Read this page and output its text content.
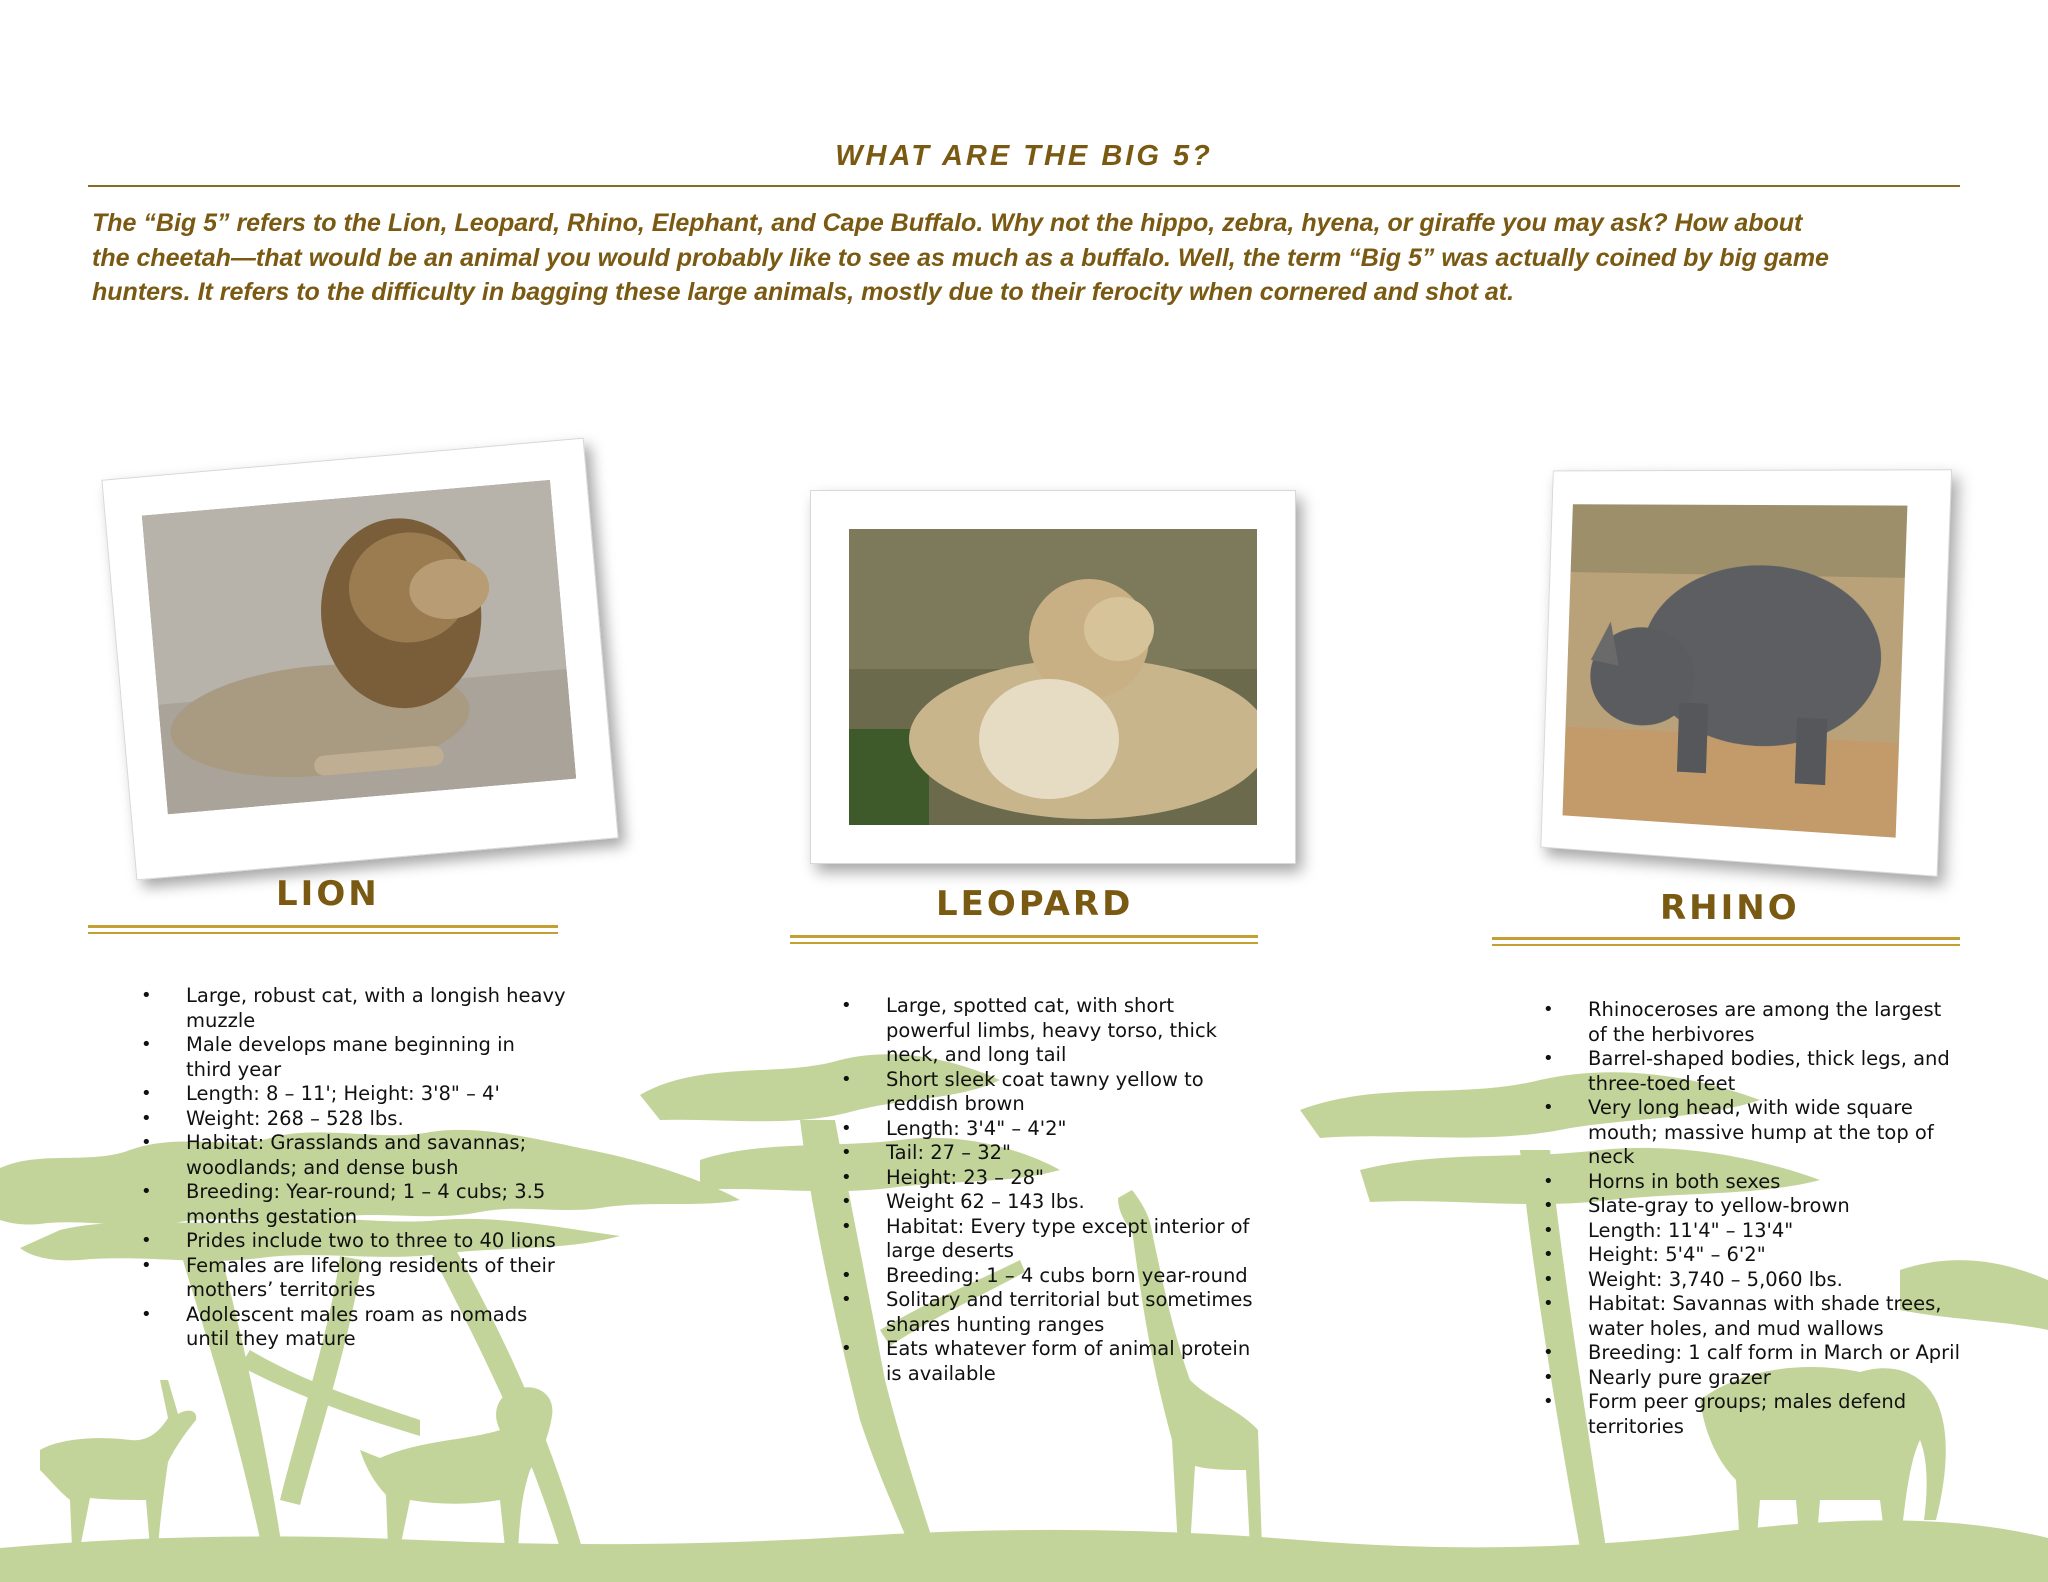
WHAT ARE THE BIG 5?

The “Big 5” refers to the Lion, Leopard, Rhino, Elephant, and Cape Buffalo. Why not the hippo, zebra, hyena, or giraffe you may ask? How about
the cheetah—that would be an animal you would probably like to see as much as a buffalo. Well, the term “Big 5” was actually coined by big game
hunters. It refers to the difficulty in bagging these large animals, mostly due to their ferocity when cornered and shot at.

LION
• Large, robust cat, with a longish heavy muzzle
• Male develops mane beginning in third year
• Length: 8 – 11'; Height: 3'8" – 4'
• Weight: 268 – 528 lbs.
• Habitat: Grasslands and savannas; woodlands; and dense bush
• Breeding: Year-round; 1 – 4 cubs; 3.5 months gestation
• Prides include two to three to 40 lions
• Females are lifelong residents of their mothers’ territories
• Adolescent males roam as nomads until they mature
LEOPARD
• Large, spotted cat, with short powerful limbs, heavy torso, thick neck, and long tail
• Short sleek coat tawny yellow to reddish brown
• Length: 3'4" – 4'2"
• Tail: 27 – 32"
• Height: 23 – 28"
• Weight 62 – 143 lbs.
• Habitat: Every type except interior of large deserts
• Breeding: 1 – 4 cubs born year-round
• Solitary and territorial but sometimes shares hunting ranges
• Eats whatever form of animal protein is available
RHINO
• Rhinoceroses are among the largest of the herbivores
• Barrel-shaped bodies, thick legs, and three-toed feet
• Very long head, with wide square mouth; massive hump at the top of neck
• Horns in both sexes
• Slate-gray to yellow-brown
• Length: 11'4" – 13'4"
• Height: 5'4" – 6'2"
• Weight: 3,740 – 5,060 lbs.
• Habitat: Savannas with shade trees, water holes, and mud wallows
• Breeding: 1 calf form in March or April
• Nearly pure grazer
• Form peer groups; males defend territories
